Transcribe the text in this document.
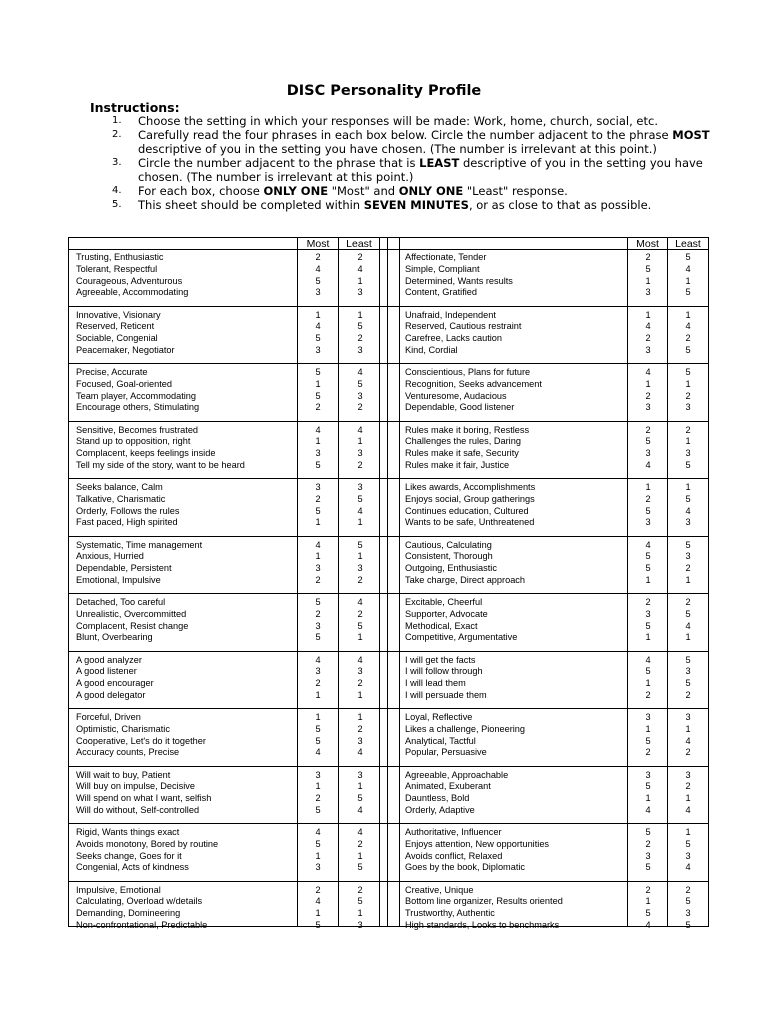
DISC Personality Profile
Instructions:
1.	Choose the setting in which your responses will be made: Work, home, church, social, etc.
2.	Carefully read the four phrases in each box below. Circle the number adjacent to the phrase MOST descriptive of you in the setting you have chosen. (The number is irrelevant at this point.)
3.	Circle the number adjacent to the phrase that is LEAST descriptive of you in the setting you have chosen. (The number is irrelevant at this point.)
4.	For each box, choose ONLY ONE "Most" and ONLY ONE "Least" response.
5.	This sheet should be completed within SEVEN MINUTES, or as close to that as possible.
Most	Least	Most	Least
Trusting, Enthusiastic	2	2	Affectionate, Tender	2	5
Tolerant, Respectful	4	4	Simple, Compliant	5	4
Courageous, Adventurous	5	1	Determined, Wants results	1	1
Agreeable, Accommodating	3	3	Content, Gratified	3	5
Innovative, Visionary	1	1	Unafraid, Independent	1	1
Reserved, Reticent	4	5	Reserved, Cautious restraint	4	4
Sociable, Congenial	5	2	Carefree, Lacks caution	2	2
Peacemaker, Negotiator	3	3	Kind, Cordial	3	5
Precise, Accurate	5	4	Conscientious, Plans for future	4	5
Focused, Goal-oriented	1	5	Recognition, Seeks advancement	1	1
Team player, Accommodating	5	3	Venturesome, Audacious	2	2
Encourage others, Stimulating	2	2	Dependable, Good listener	3	3
Sensitive, Becomes frustrated	4	4	Rules make it boring, Restless	2	2
Stand up to opposition, right	1	1	Challenges the rules, Daring	5	1
Complacent, keeps feelings inside	3	3	Rules make it safe, Security	3	3
Tell my side of the story, want to be heard	5	2	Rules make it fair, Justice	4	5
Seeks balance, Calm	3	3	Likes awards, Accomplishments	1	1
Talkative, Charismatic	2	5	Enjoys social, Group gatherings	2	5
Orderly, Follows the rules	5	4	Continues education, Cultured	5	4
Fast paced, High spirited	1	1	Wants to be safe, Unthreatened	3	3
Systematic, Time management	4	5	Cautious, Calculating	4	5
Anxious, Hurried	1	1	Consistent, Thorough	5	3
Dependable, Persistent	3	3	Outgoing, Enthusiastic	5	2
Emotional, Impulsive	2	2	Take charge, Direct approach	1	1
Detached, Too careful	5	4	Excitable, Cheerful	2	2
Unrealistic, Overcommitted	2	2	Supporter, Advocate	3	5
Complacent, Resist change	3	5	Methodical, Exact	5	4
Blunt, Overbearing	5	1	Competitive, Argumentative	1	1
A good analyzer	4	4	I will get the facts	4	5
A good listener	3	3	I will follow through	5	3
A good encourager	2	2	I will lead them	1	5
A good delegator	1	1	I will persuade them	2	2
Forceful, Driven	1	1	Loyal, Reflective	3	3
Optimistic, Charismatic	5	2	Likes a challenge, Pioneering	1	1
Cooperative, Let's do it together	5	3	Analytical, Tactful	5	4
Accuracy counts, Precise	4	4	Popular, Persuasive	2	2
Will wait to buy, Patient	3	3	Agreeable, Approachable	3	3
Will buy on impulse, Decisive	1	1	Animated, Exuberant	5	2
Will spend on what I want, selfish	2	5	Dauntless, Bold	1	1
Will do without, Self-controlled	5	4	Orderly, Adaptive	4	4
Rigid, Wants things exact	4	4	Authoritative, Influencer	5	1
Avoids monotony, Bored by routine	5	2	Enjoys attention, New opportunities	2	5
Seeks change, Goes for it	1	1	Avoids conflict, Relaxed	3	3
Congenial, Acts of kindness	3	5	Goes by the book, Diplomatic	5	4
Impulsive, Emotional	2	2	Creative, Unique	2	2
Calculating, Overload w/details	4	5	Bottom line organizer, Results oriented	1	5
Demanding, Domineering	1	1	Trustworthy, Authentic	5	3
Non-confrontational, Predictable	5	3	High standards, Looks to benchmarks	4	5
